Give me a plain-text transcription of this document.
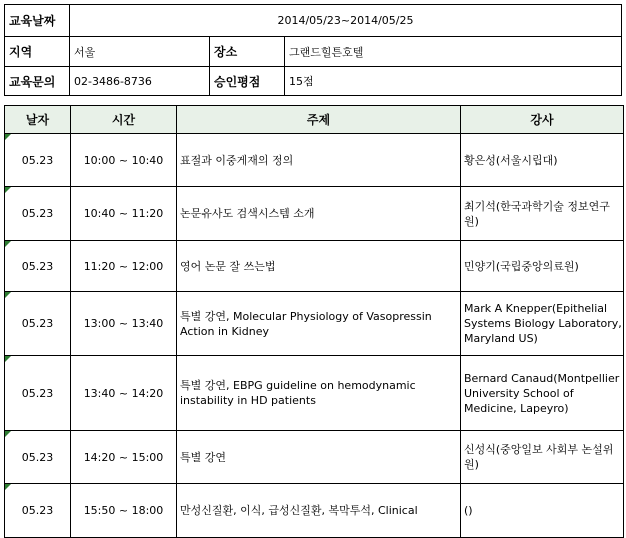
교육날짜	2014/05/23~2014/05/25		
지역	서울	장소	그랜드힐튼호텔
교육문의	02-3486-8736	승인평점	15점
날자	시간	주제	강사

05.23	10:00 ~ 10:40	표절과 이중게재의 정의	황은성(서울시립대)

05.23	10:40 ~ 11:20	논문유사도 검색시스템 소개	최기석(한국과학기술 정보연구원)

05.23	11:20 ~ 12:00	영어 논문 잘 쓰는법	민양기(국립중앙의료원)

05.23	13:00 ~ 13:40	특별 강연, Molecular Physiology of Vasopressin Action in Kidney	Mark A Knepper(Epithelial Systems Biology Laboratory, Maryland US)

05.23	13:40 ~ 14:20	특별 강연, EBPG guideline on hemodynamic instability in HD patients	Bernard Canaud(Montpellier University School of Medicine, Lapeyro)

05.23	14:20 ~ 15:00	특별 강연	신성식(중앙일보 사회부 논설위원)

05.23	15:50 ~ 18:00	만성신질환, 이식, 급성신질환, 복막투석, Clinical	()
